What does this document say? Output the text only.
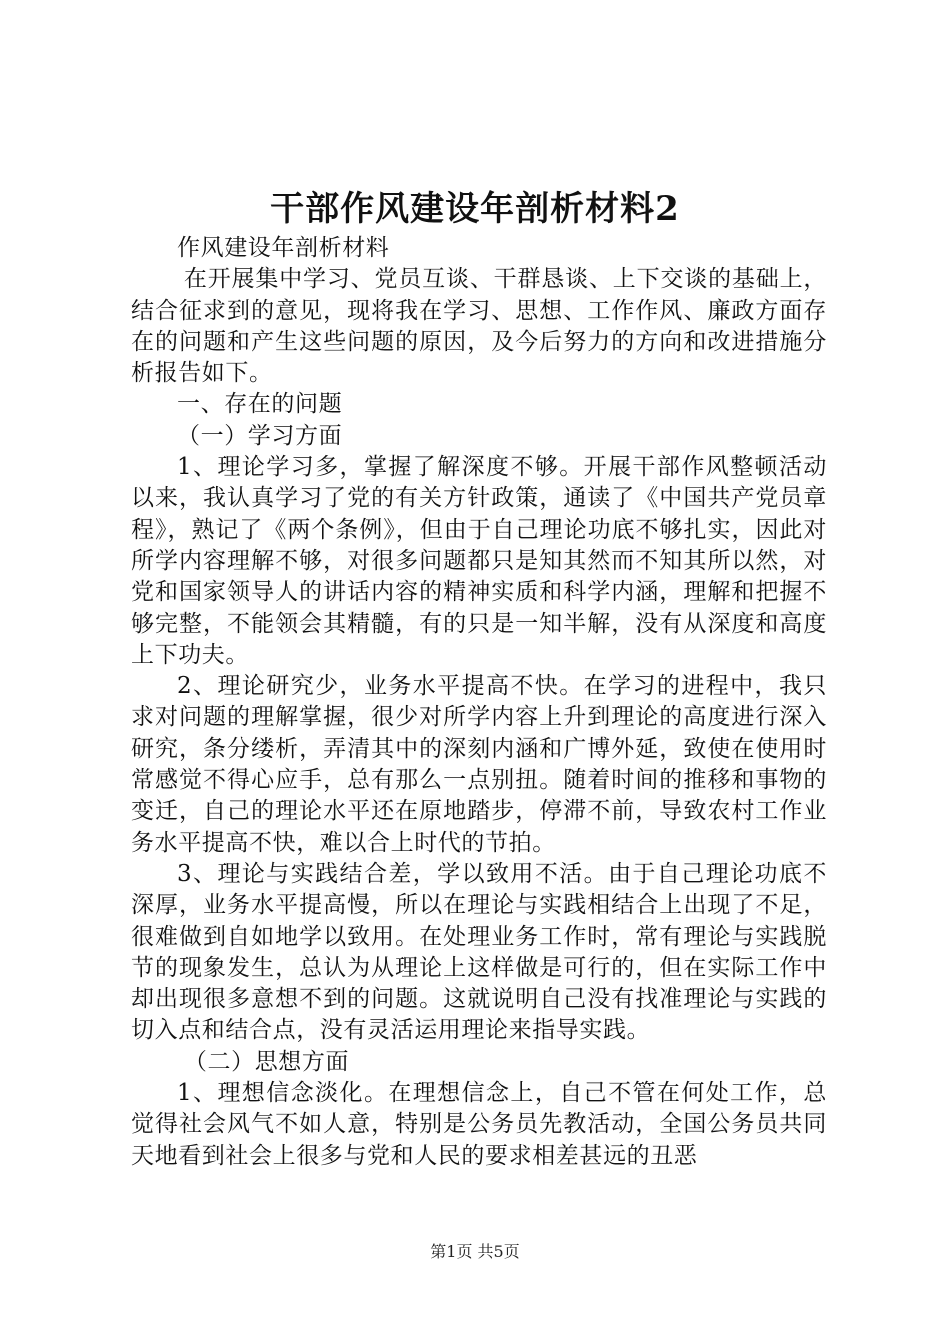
干部作风建设年剖析材料2

作风建设年剖析材料

在开展集中学习、党员互谈、干群恳谈、上下交谈的基础上，结合征求到的意见，现将我在学习、思想、工作作风、廉政方面存在的问题和产生这些问题的原因，及今后努力的方向和改进措施分析报告如下。

一、存在的问题

（一）学习方面

1、理论学习多，掌握了解深度不够。开展干部作风整顿活动以来，我认真学习了党的有关方针政策，通读了《中国共产党员章程》，熟记了《两个条例》，但由于自己理论功底不够扎实，因此对所学内容理解不够，对很多问题都只是知其然而不知其所以然，对党和国家领导人的讲话内容的精神实质和科学内涵，理解和把握不够完整，不能领会其精髓，有的只是一知半解，没有从深度和高度上下功夫。

2、理论研究少，业务水平提高不快。在学习的进程中，我只求对问题的理解掌握，很少对所学内容上升到理论的高度进行深入研究，条分缕析，弄清其中的深刻内涵和广博外延，致使在使用时常感觉不得心应手，总有那么一点别扭。随着时间的推移和事物的变迁，自己的理论水平还在原地踏步，停滞不前，导致农村工作业务水平提高不快，难以合上时代的节拍。

3、理论与实践结合差，学以致用不活。由于自己理论功底不深厚，业务水平提高慢，所以在理论与实践相结合上出现了不足，很难做到自如地学以致用。在处理业务工作时，常有理论与实践脱节的现象发生，总认为从理论上这样做是可行的，但在实际工作中却出现很多意想不到的问题。这就说明自己没有找准理论与实践的切入点和结合点，没有灵活运用理论来指导实践。

（二）思想方面

1、理想信念淡化。在理想信念上，自己不管在何处工作，总觉得社会风气不如人意，特别是公务员先教活动，全国公务员共同天地看到社会上很多与党和人民的要求相差甚远的丑恶

第1页 共5页
